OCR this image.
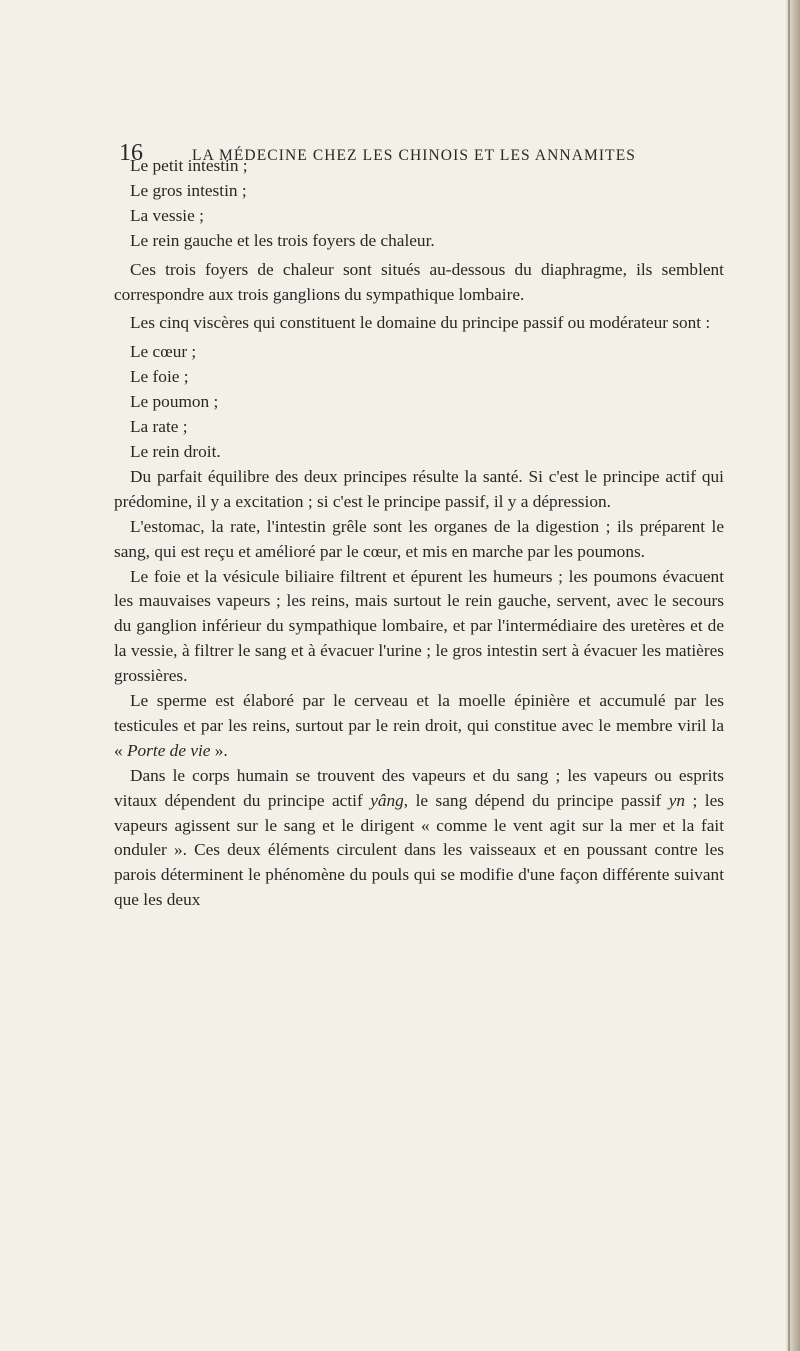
16	LA MÉDECINE CHEZ LES CHINOIS ET LES ANNAMITES

Le petit intestin ;

Le gros intestin ;

La vessie ;

Le rein gauche et les trois foyers de chaleur.

Ces trois foyers de chaleur sont situés au-dessous du diaphragme, ils semblent correspondre aux trois ganglions du sympathique lombaire.

Les cinq viscères qui constituent le domaine du principe passif ou modérateur sont :

Le cœur ;

Le foie ;

Le poumon ;

La rate ;

Le rein droit.

Du parfait équilibre des deux principes résulte la santé. Si c'est le principe actif qui prédomine, il y a excitation ; si c'est le principe passif, il y a dépression.

L'estomac, la rate, l'intestin grêle sont les organes de la digestion ; ils préparent le sang, qui est reçu et amélioré par le cœur, et mis en marche par les poumons.

Le foie et la vésicule biliaire filtrent et épurent les humeurs ; les poumons évacuent les mauvaises vapeurs ; les reins, mais surtout le rein gauche, servent, avec le secours du ganglion inférieur du sympathique lombaire, et par l'intermédiaire des uretères et de la vessie, à filtrer le sang et à évacuer l'urine ; le gros intestin sert à évacuer les matières grossières.

Le sperme est élaboré par le cerveau et la moelle épinière et accumulé par les testicules et par les reins, surtout par le rein droit, qui constitue avec le membre viril la « Porte de vie ».

Dans le corps humain se trouvent des vapeurs et du sang ; les vapeurs ou esprits vitaux dépendent du principe actif yâng, le sang dépend du principe passif yn ; les vapeurs agissent sur le sang et le dirigent « comme le vent agit sur la mer et la fait onduler ». Ces deux éléments circulent dans les vaisseaux et en poussant contre les parois déterminent le phénomène du pouls qui se modifie d'une façon différente suivant que les deux
